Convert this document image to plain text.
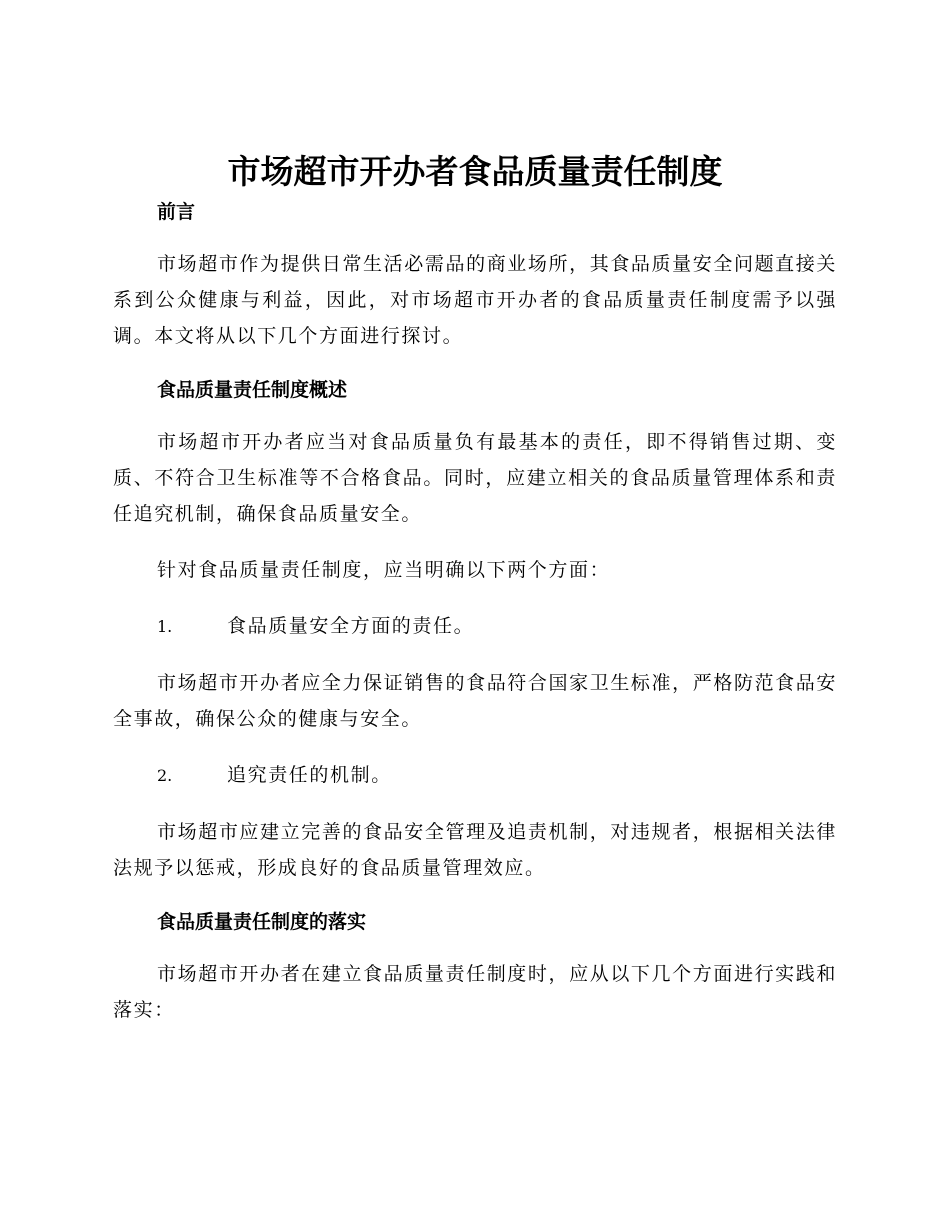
市场超市开办者食品质量责任制度
前言

市场超市作为提供日常生活必需品的商业场所，其食品质量安全问题直接关系到公众健康与利益，因此，对市场超市开办者的食品质量责任制度需予以强调。本文将从以下几个方面进行探讨。

食品质量责任制度概述

市场超市开办者应当对食品质量负有最基本的责任，即不得销售过期、变质、不符合卫生标准等不合格食品。同时，应建立相关的食品质量管理体系和责任追究机制，确保食品质量安全。

针对食品质量责任制度，应当明确以下两个方面：

1.	食品质量安全方面的责任。

市场超市开办者应全力保证销售的食品符合国家卫生标准，严格防范食品安全事故，确保公众的健康与安全。

2.	追究责任的机制。

市场超市应建立完善的食品安全管理及追责机制，对违规者，根据相关法律法规予以惩戒，形成良好的食品质量管理效应。

食品质量责任制度的落实

市场超市开办者在建立食品质量责任制度时，应从以下几个方面进行实践和落实：
